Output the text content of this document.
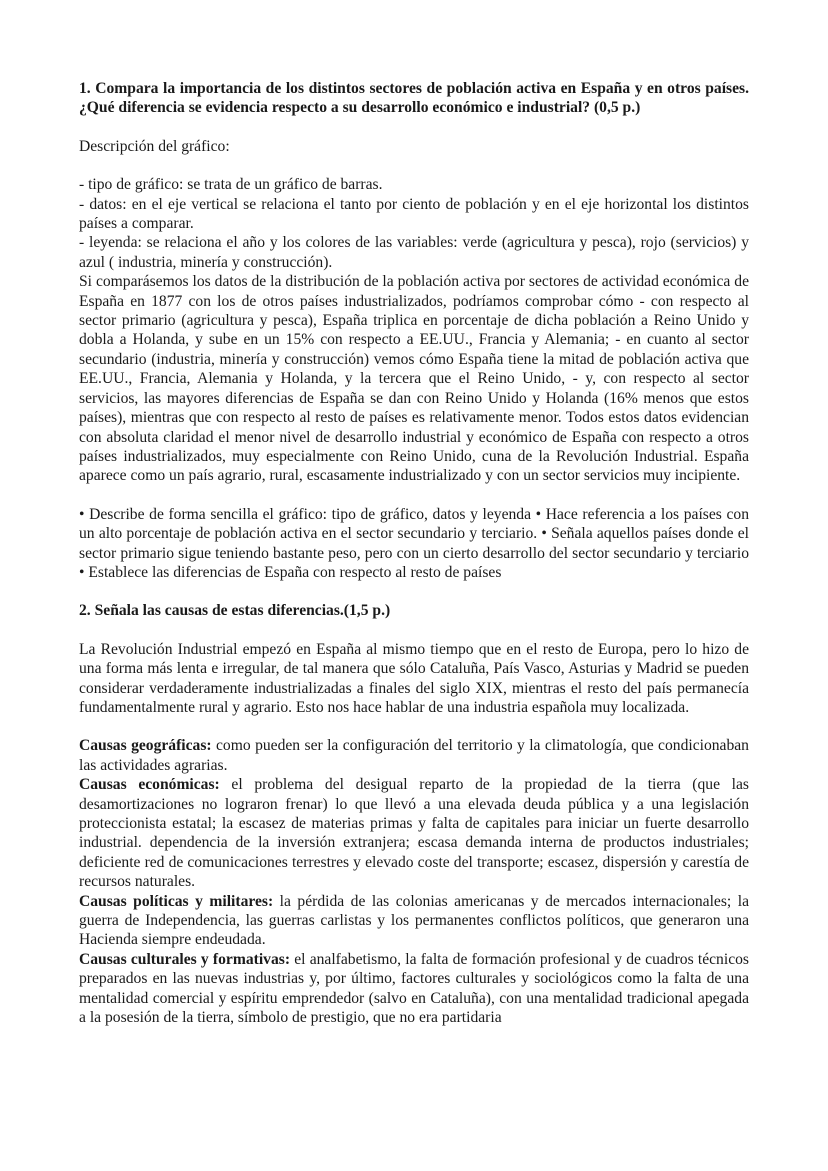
1. Compara la importancia de los distintos sectores de población activa en España y en otros países. ¿Qué diferencia se evidencia respecto a su desarrollo económico e industrial? (0,5 p.)

Descripción del gráfico:

- tipo de gráfico: se trata de un gráfico de barras.

- datos: en el eje vertical se relaciona el tanto por ciento de población y en el eje horizontal los distintos países a comparar.

- leyenda: se relaciona el año y los colores de las variables: verde (agricultura y pesca), rojo (servicios) y azul ( industria, minería y construcción).

Si comparásemos los datos de la distribución de la población activa por sectores de actividad económica de España en 1877 con los de otros países industrializados, podríamos comprobar cómo - con respecto al sector primario (agricultura y pesca), España triplica en porcentaje de dicha población a Reino Unido y dobla a Holanda, y sube en un 15% con respecto a EE.UU., Francia y Alemania; - en cuanto al sector secundario (industria, minería y construcción) vemos cómo España tiene la mitad de población activa que EE.UU., Francia, Alemania y Holanda, y la tercera que el Reino Unido, - y, con respecto al sector servicios, las mayores diferencias de España se dan con Reino Unido y Holanda (16% menos que estos países), mientras que con respecto al resto de países es relativamente menor. Todos estos datos evidencian con absoluta claridad el menor nivel de desarrollo industrial y económico de España con respecto a otros países industrializados, muy especialmente con Reino Unido, cuna de la Revolución Industrial. España aparece como un país agrario, rural, escasamente industrializado y con un sector servicios muy incipiente.

• Describe de forma sencilla el gráfico: tipo de gráfico, datos y leyenda • Hace referencia a los países con un alto porcentaje de población activa en el sector secundario y terciario. • Señala aquellos países donde el sector primario sigue teniendo bastante peso, pero con un cierto desarrollo del sector secundario y terciario • Establece las diferencias de España con respecto al resto de países

2. Señala las causas de estas diferencias.(1,5 p.)

La Revolución Industrial empezó en España al mismo tiempo que en el resto de Europa, pero lo hizo de una forma más lenta e irregular, de tal manera que sólo Cataluña, País Vasco, Asturias y Madrid se pueden considerar verdaderamente industrializadas a finales del siglo XIX, mientras el resto del país permanecía fundamentalmente rural y agrario. Esto nos hace hablar de una industria española muy localizada.

Causas geográficas: como pueden ser la configuración del territorio y la climatología, que condicionaban las actividades agrarias.

Causas económicas: el problema del desigual reparto de la propiedad de la tierra (que las desamortizaciones no lograron frenar) lo que llevó a una elevada deuda pública y a una legislación proteccionista estatal; la escasez de materias primas y falta de capitales para iniciar un fuerte desarrollo industrial. dependencia de la inversión extranjera; escasa demanda interna de productos industriales; deficiente red de comunicaciones terrestres y elevado coste del transporte; escasez, dispersión y carestía de recursos naturales.

Causas políticas y militares: la pérdida de las colonias americanas y de mercados internacionales; la guerra de Independencia, las guerras carlistas y los permanentes conflictos políticos, que generaron una Hacienda siempre endeudada.

Causas culturales y formativas: el analfabetismo, la falta de formación profesional y de cuadros técnicos preparados en las nuevas industrias y, por último, factores culturales y sociológicos como la falta de una mentalidad comercial y espíritu emprendedor (salvo en Cataluña), con una mentalidad tradicional apegada a la posesión de la tierra, símbolo de prestigio, que no era partidaria
